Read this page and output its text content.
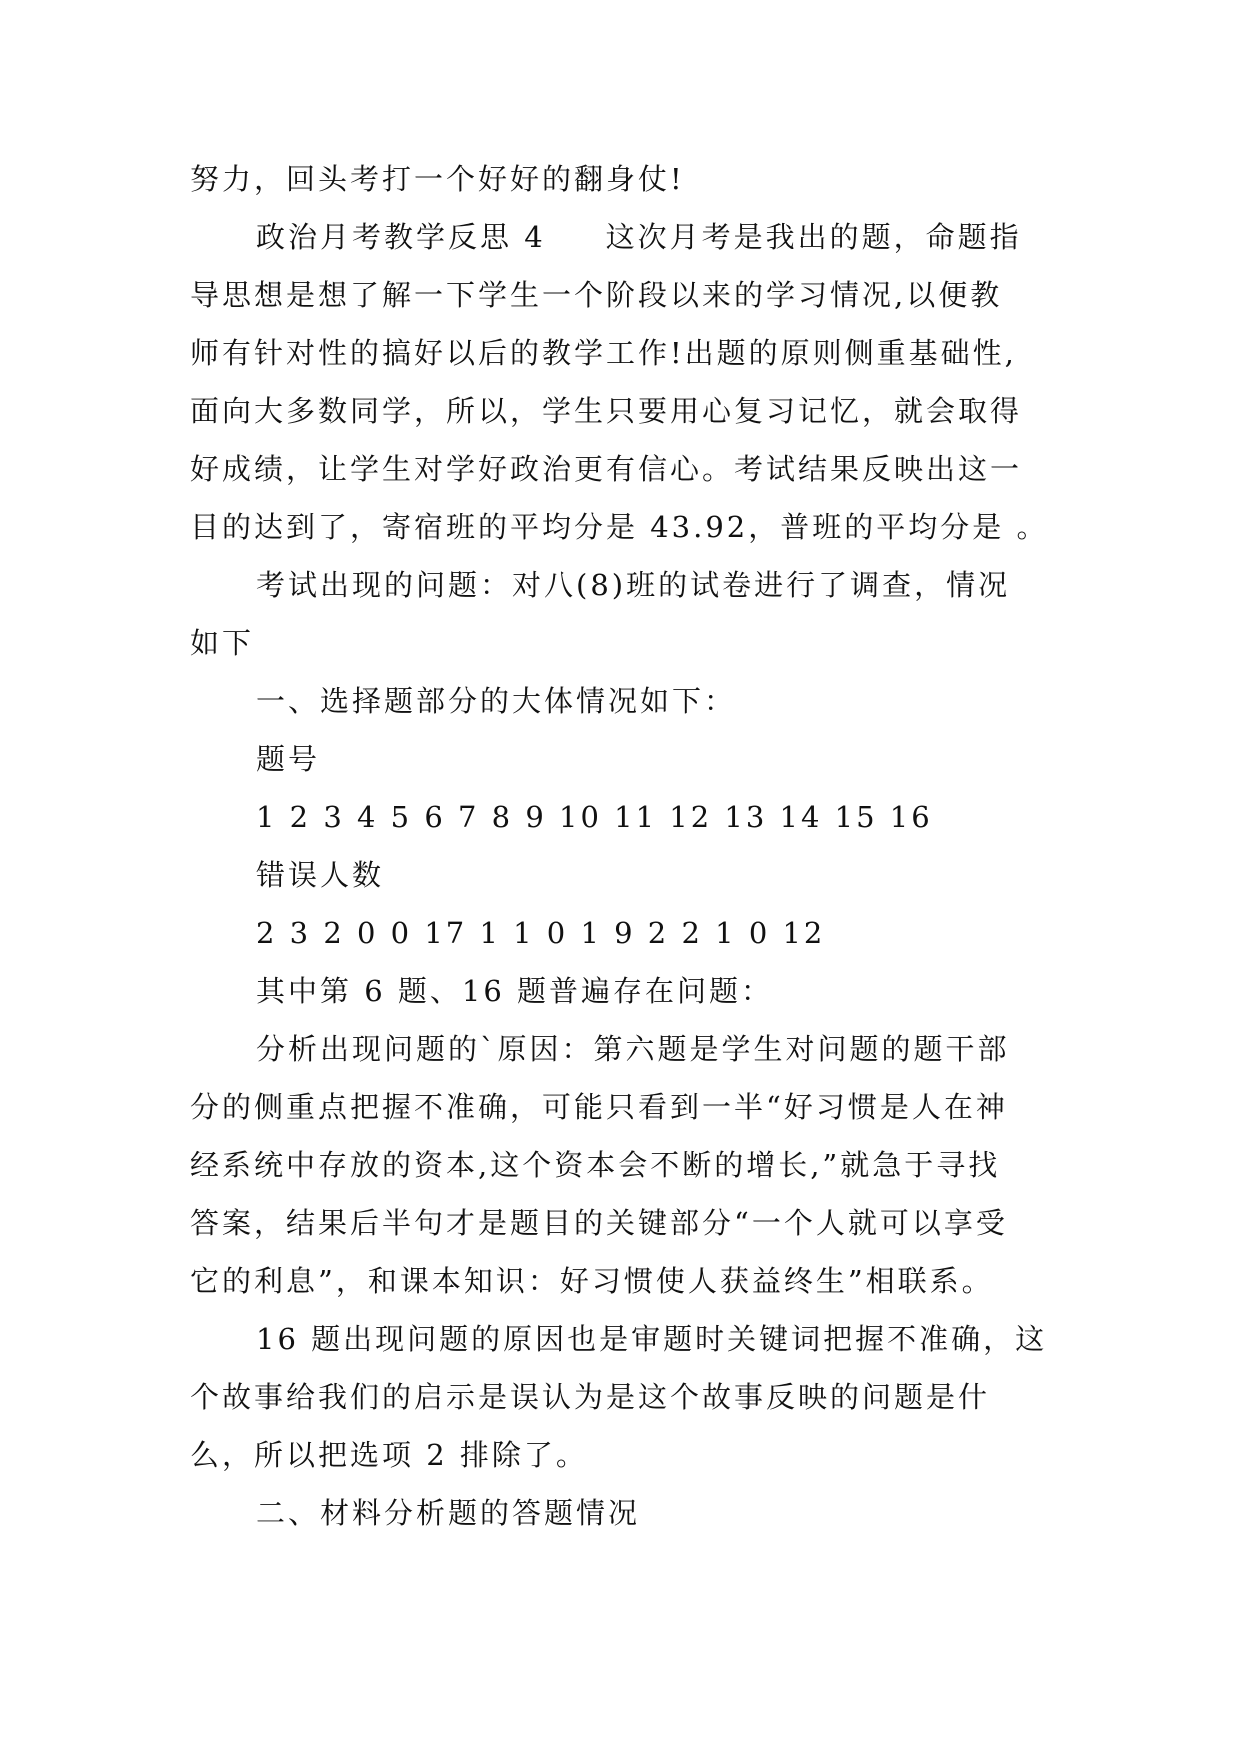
努力，回头考打一个好好的翻身仗!
政治月考教学反思 4 这次月考是我出的题，命题指
导思想是想了解一下学生一个阶段以来的学习情况,以便教
师有针对性的搞好以后的教学工作!出题的原则侧重基础性,
面向大多数同学，所以，学生只要用心复习记忆，就会取得
好成绩，让学生对学好政治更有信心。考试结果反映出这一
目的达到了，寄宿班的平均分是 43.92，普班的平均分是 。
考试出现的问题：对八(8)班的试卷进行了调查，情况
如下
一、选择题部分的大体情况如下：
题号
1 2 3 4 5 6 7 8 9 10 11 12 13 14 15 16
错误人数
2 3 2 0 0 17 1 1 0 1 9 2 2 1 0 12
其中第 6 题、16 题普遍存在问题：
分析出现问题的`原因：第六题是学生对问题的题干部
分的侧重点把握不准确，可能只看到一半“好习惯是人在神
经系统中存放的资本,这个资本会不断的增长,”就急于寻找
答案，结果后半句才是题目的关键部分“一个人就可以享受
它的利息”，和课本知识：好习惯使人获益终生”相联系。
16 题出现问题的原因也是审题时关键词把握不准确，这
个故事给我们的启示是误认为是这个故事反映的问题是什
么，所以把选项 2 排除了。
二、材料分析题的答题情况
